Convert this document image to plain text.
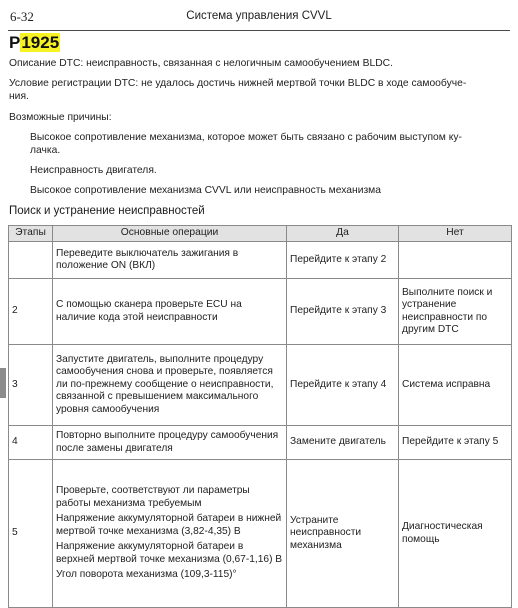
6-32	Система управления CVVL
P1925
Описание DTC: неисправность, связанная с нелогичным самообучением BLDC.
Условие регистрации DTC: не удалось достичь нижней мертвой точки BLDC в ходе самообуче-
ния.
Возможные причины:
Высокое сопротивление механизма, которое может быть связано с рабочим выступом ку-
лачка.
Неисправность двигателя.
Высокое сопротивление механизма CVVL или неисправность механизма
Поиск и устранение неисправностей
Этапы	Основные операции	Да	Нет
	Переведите выключатель зажигания в положение ON (ВКЛ)	Перейдите к этапу 2	
2	С помощью сканера проверьте ECU на наличие кода этой неисправности	Перейдите к этапу 3	Выполните поиск и устранение неисправности по другим DTC
3	Запустите двигатель, выполните процедуру самообучения снова и проверьте, появляется ли по-прежнему сообщение о неисправности, связанной с превышением максимального уровня самообучения	Перейдите к этапу 4	Система исправна
4	Повторно выполните процедуру самообучения после замены двигателя	Замените двигатель	Перейдите к этапу 5
5	Проверьте, соответствуют ли параметры работы механизма требуемым
Напряжение аккумуляторной батареи в нижней мертвой точке механизма (3,82-4,35) В
Напряжение аккумуляторной батареи в верхней мертвой точке механизма (0,67-1,16) В
Угол поворота механизма (109,3-115)°	Устраните неисправности механизма	Диагностическая помощь
